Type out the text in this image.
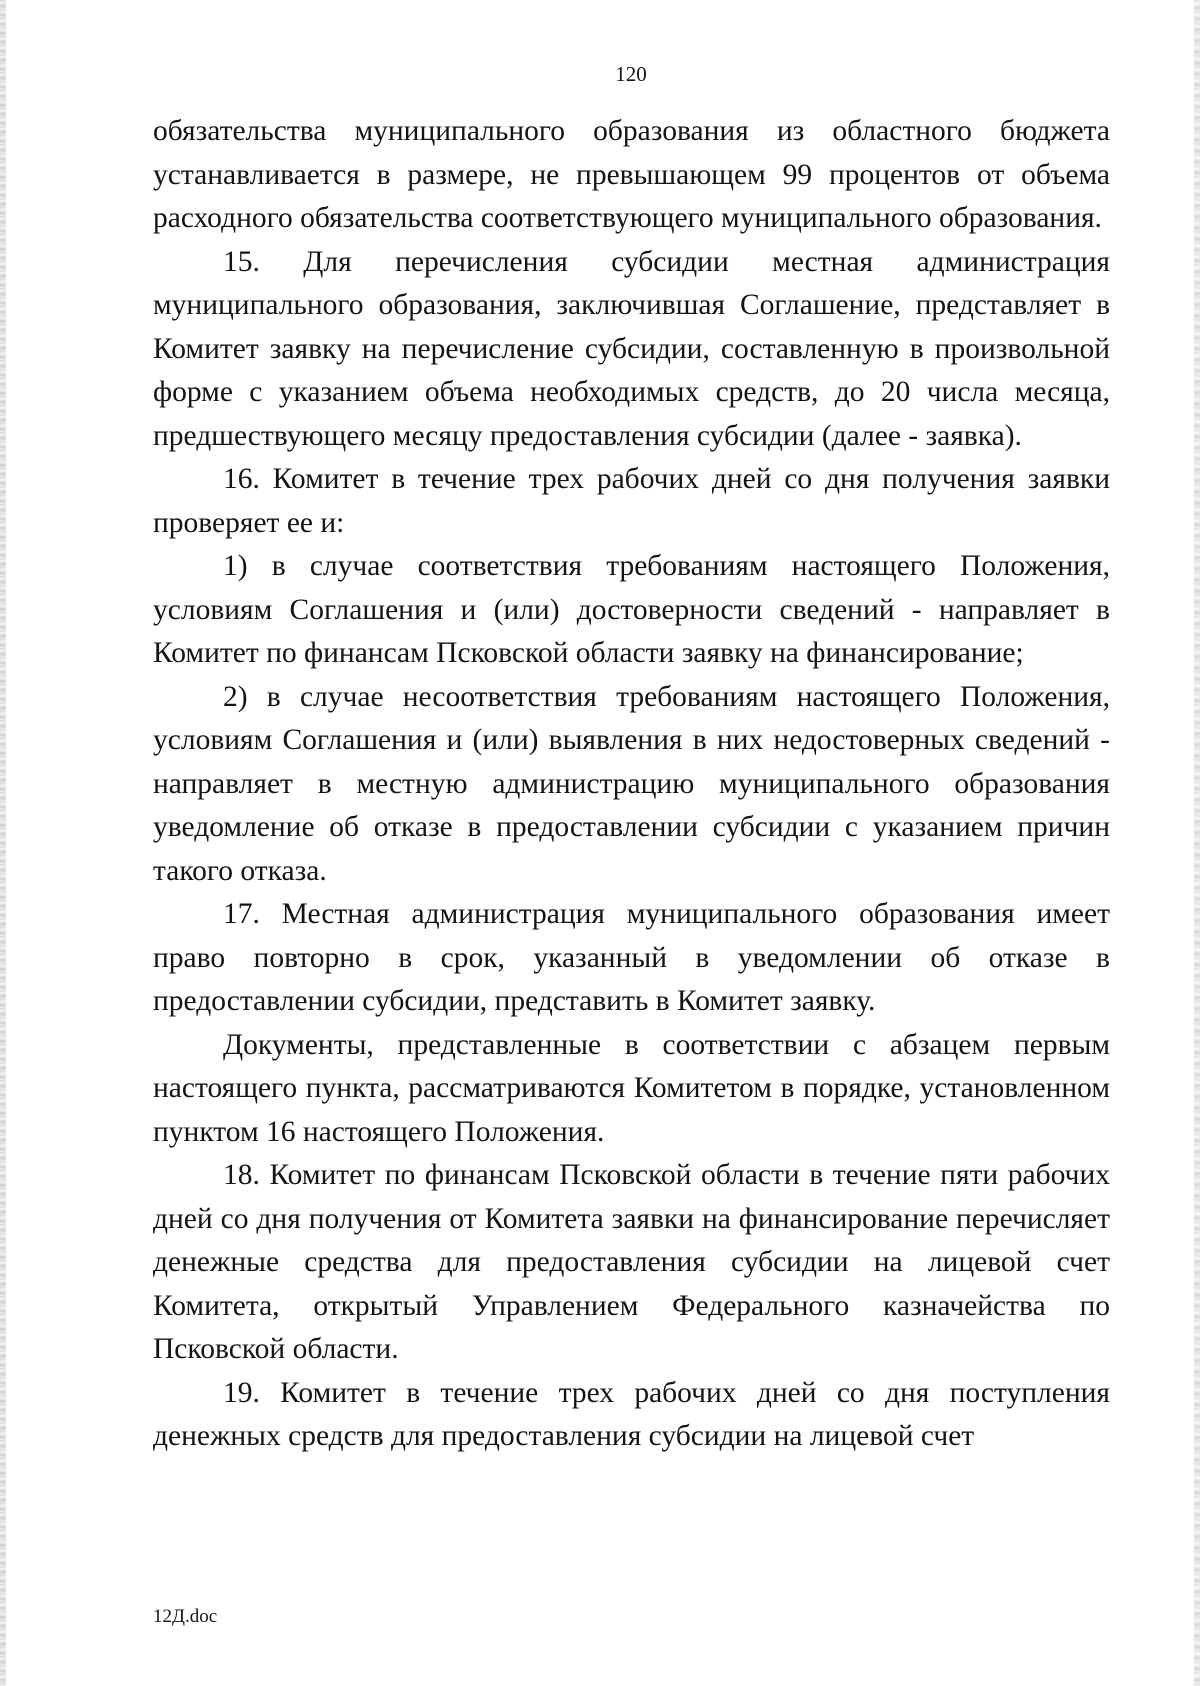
120

обязательства муниципального образования из областного бюджета устанавливается в размере, не превышающем 99 процентов от объема расходного обязательства соответствующего муниципального образования.

15. Для перечисления субсидии местная администрация муниципального образования, заключившая Соглашение, представляет в Комитет заявку на перечисление субсидии, составленную в произвольной форме с указанием объема необходимых средств, до 20 числа месяца, предшествующего месяцу предоставления субсидии (далее - заявка).

16. Комитет в течение трех рабочих дней со дня получения заявки проверяет ее и:

1) в случае соответствия требованиям настоящего Положения, условиям Соглашения и (или) достоверности сведений - направляет в Комитет по финансам Псковской области заявку на финансирование;

2) в случае несоответствия требованиям настоящего Положения, условиям Соглашения и (или) выявления в них недостоверных сведений - направляет в местную администрацию муниципального образования уведомление об отказе в предоставлении субсидии с указанием причин такого отказа.

17. Местная администрация муниципального образования имеет право повторно в срок, указанный в уведомлении об отказе в предоставлении субсидии, представить в Комитет заявку.

Документы, представленные в соответствии с абзацем первым настоящего пункта, рассматриваются Комитетом в порядке, установленном пунктом 16 настоящего Положения.

18. Комитет по финансам Псковской области в течение пяти рабочих дней со дня получения от Комитета заявки на финансирование перечисляет денежные средства для предоставления субсидии на лицевой счет Комитета, открытый Управлением Федерального казначейства по Псковской области.

19. Комитет в течение трех рабочих дней со дня поступления денежных средств для предоставления субсидии на лицевой счет

12Д.doc
